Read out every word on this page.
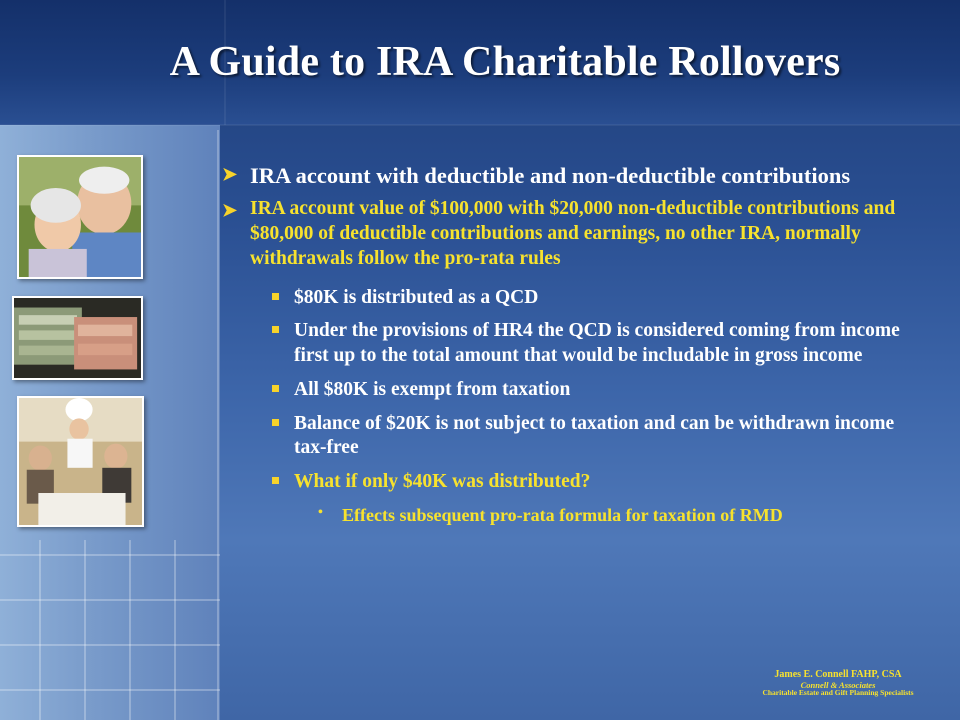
A Guide to IRA Charitable Rollovers
➤ IRA account with deductible and non-deductible contributions
➤ IRA account value of $100,000 with $20,000 non-deductible contributions and $80,000 of deductible contributions and earnings, no other IRA, normally withdrawals follow the pro-rata rules
$80K is distributed as a QCD
Under the provisions of HR4 the QCD is considered coming from income first up to the total amount that would be includable in gross income
All $80K is exempt from taxation
Balance of $20K is not subject to taxation and can be withdrawn income tax-free
What if only $40K was distributed?
• Effects subsequent pro-rata formula for taxation of RMD
James E. Connell FAHP, CSA
Connell & Associates
Charitable Estate and Gift Planning Specialists
